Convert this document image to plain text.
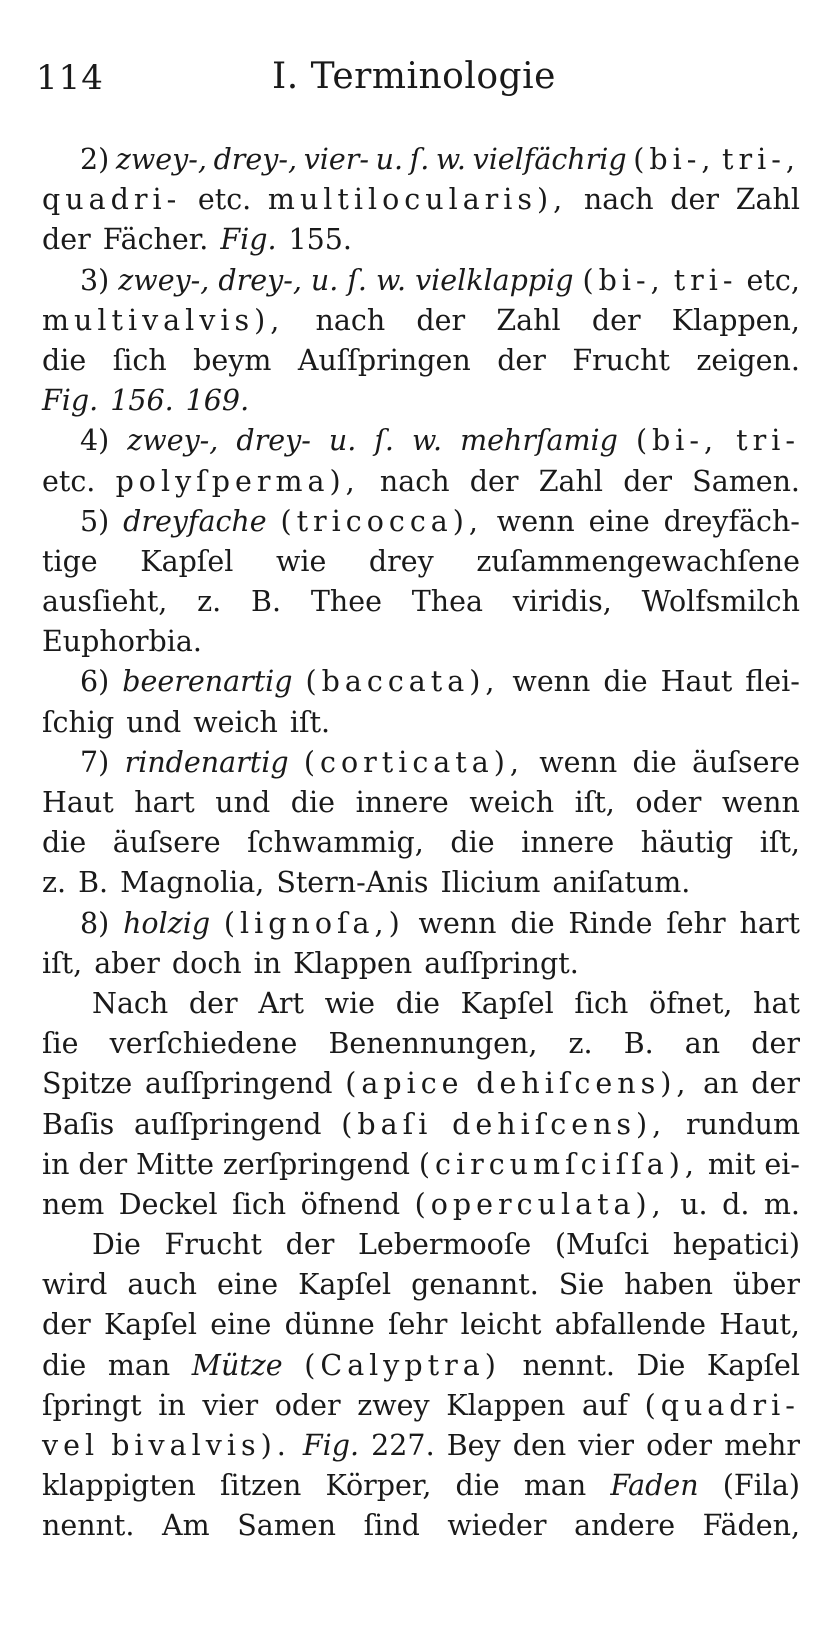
114	I. Terminologie
2) zwey-, drey-, vier- u. ſ. w. vielfächrig (bi-, tri-,
quadri- etc. multilocularis), nach der Zahl
der Fächer. Fig. 155.
3) zwey-, drey-, u. ſ. w. vielklappig (bi-, tri- etc,
multivalvis), nach der Zahl der Klappen,
die ſich beym Auſſpringen der Frucht zeigen.
Fig. 156. 169.
4) zwey-, drey- u. ſ. w. mehrſamig (bi-, tri-
etc. polyſperma), nach der Zahl der Samen.
5) dreyfache (tricocca), wenn eine dreyfäch-
tige Kapſel wie drey zuſammengewachſene
ausſieht, z. B. Thee Thea viridis, Wolfsmilch
Euphorbia.
6) beerenartig (baccata), wenn die Haut flei-
ſchig und weich iſt.
7) rindenartig (corticata), wenn die äuſsere
Haut hart und die innere weich iſt, oder wenn
die äuſsere ſchwammig, die innere häutig iſt,
z. B. Magnolia, Stern-Anis Ilicium aniſatum.
8) holzig (lignoſa,) wenn die Rinde ſehr hart
iſt, aber doch in Klappen auſſpringt.
Nach der Art wie die Kapſel ſich öfnet, hat
ſie verſchiedene Benennungen, z. B. an der
Spitze auſſpringend (apice dehiſcens), an der
Baſis auſſpringend (baſi dehiſcens), rundum
in der Mitte zerſpringend (circumſciſſa), mit ei-
nem Deckel ſich öfnend (operculata), u. d. m.
Die Frucht der Lebermooſe (Muſci hepatici)
wird auch eine Kapſel genannt. Sie haben über
der Kapſel eine dünne ſehr leicht abfallende Haut,
die man Mütze (Calyptra) nennt. Die Kapſel
ſpringt in vier oder zwey Klappen auf (quadri-
vel bivalvis). Fig. 227. Bey den vier oder mehr
klappigten ſitzen Körper, die man Faden (Fila)
nennt. Am Samen ſind wieder andere Fäden,
